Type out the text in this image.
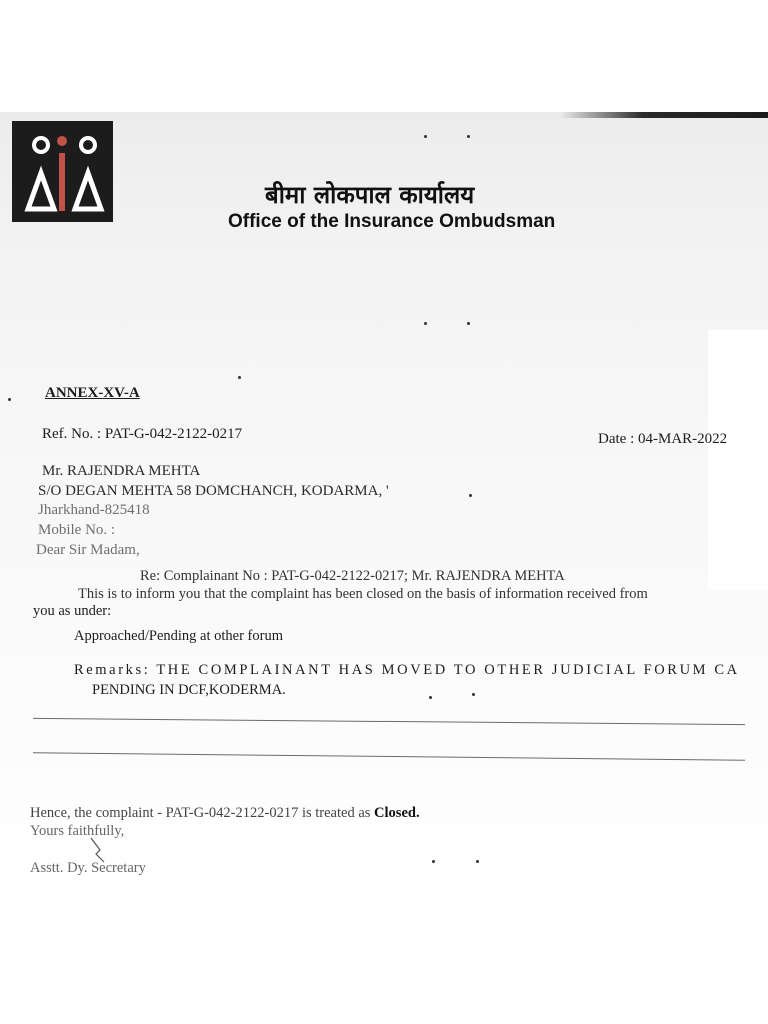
बीमा लोकपाल कार्यालय
Office of the Insurance Ombudsman
ANNEX-XV-A
Ref. No. : PAT-G-042-2122-0217	Date : 04-MAR-2022
Mr. RAJENDRA MEHTA
S/O DEGAN MEHTA 58 DOMCHANCH, KODARMA, '
Jharkhand-825418
Mobile No. :
Dear Sir Madam,
Re: Complainant No : PAT-G-042-2122-0217; Mr. RAJENDRA MEHTA
This is to inform you that the complaint has been closed on the basis of information received from
you as under:
Approached/Pending at other forum
Remarks: THE COMPLAINANT HAS MOVED TO OTHER JUDICIAL FORUM CA
PENDING IN DCF,KODERMA.
Hence, the complaint - PAT-G-042-2122-0217 is treated as Closed.
Yours faithfully,
Asstt. Dy. Secretary
